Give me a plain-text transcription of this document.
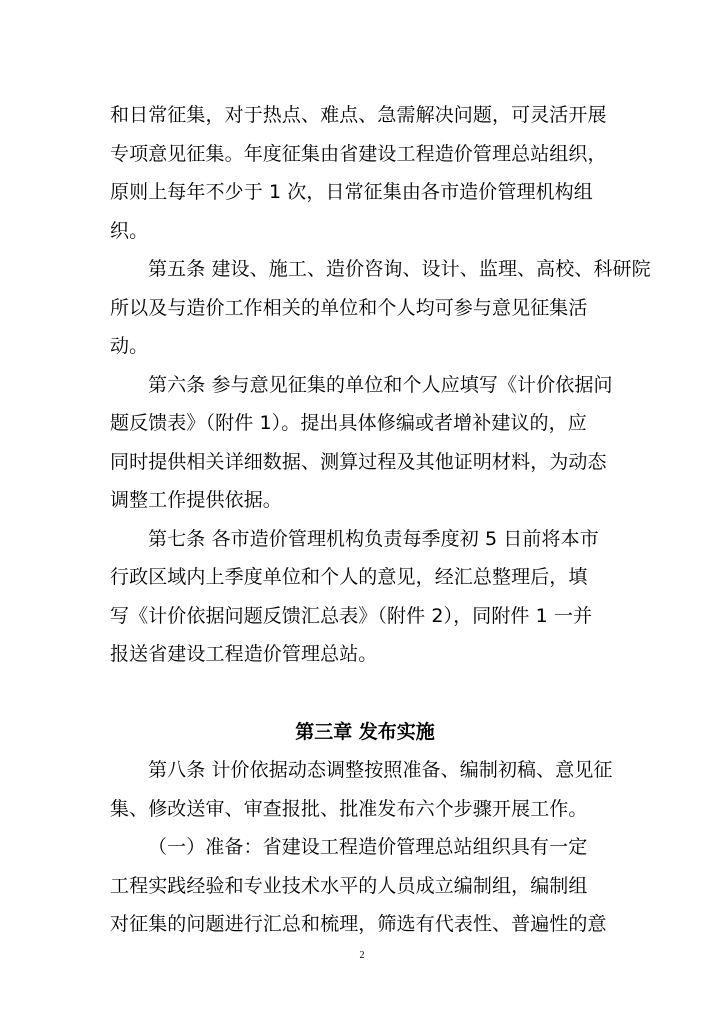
和日常征集，对于热点、难点、急需解决问题，可灵活开展
专项意见征集。年度征集由省建设工程造价管理总站组织，
原则上每年不少于 1 次，日常征集由各市造价管理机构组
织。
第五条 建设、施工、造价咨询、设计、监理、高校、科研院
所以及与造价工作相关的单位和个人均可参与意见征集活
动。
第六条 参与意见征集的单位和个人应填写《计价依据问
题反馈表》（附件 1）。提出具体修编或者增补建议的，应
同时提供相关详细数据、测算过程及其他证明材料，为动态
调整工作提供依据。
第七条 各市造价管理机构负责每季度初 5 日前将本市
行政区域内上季度单位和个人的意见，经汇总整理后，填
写《计价依据问题反馈汇总表》（附件 2），同附件 1 一并
报送省建设工程造价管理总站。
第三章 发布实施
第八条 计价依据动态调整按照准备、编制初稿、意见征
集、修改送审、审查报批、批准发布六个步骤开展工作。
（一）准备：省建设工程造价管理总站组织具有一定
工程实践经验和专业技术水平的人员成立编制组，编制组
对征集的问题进行汇总和梳理，筛选有代表性、普遍性的意
2
